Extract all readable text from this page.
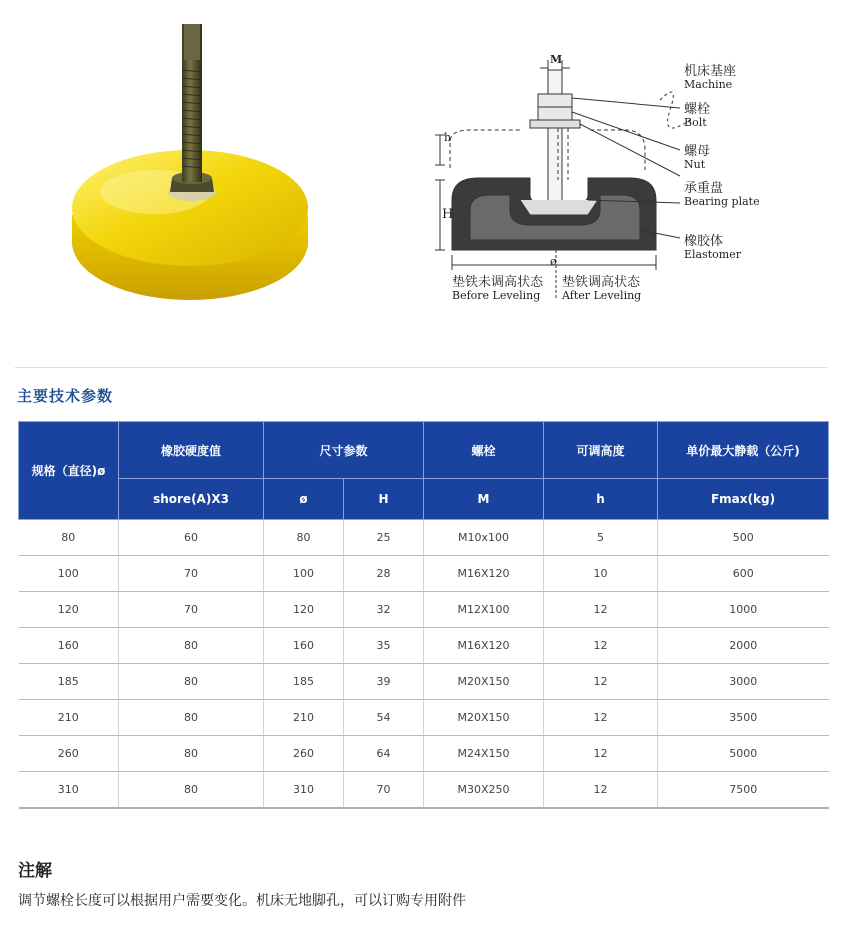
M
h
H
ø
机床基座
Machine
螺栓
Bolt
螺母
Nut
承重盘
Bearing plate
橡胶体
Elastomer
垫铁未调高状态
Before Leveling
垫铁调高状态
After Leveling
主要技术参数
规格（直径)ø	橡胶硬度值	尺寸参数		螺栓	可调高度	单价最大静载（公斤)
	shore(A)X3	ø	H	M	h	Fmax(kg)
80	60	80	25	M10x100	5	500
100	70	100	28	M16X120	10	600
120	70	120	32	M12X100	12	1000
160	80	160	35	M16X120	12	2000
185	80	185	39	M20X150	12	3000
210	80	210	54	M20X150	12	3500
260	80	260	64	M24X150	12	5000
310	80	310	70	M30X250	12	7500
注解
调节螺栓长度可以根据用户需要变化。机床无地脚孔，可以订购专用附件
